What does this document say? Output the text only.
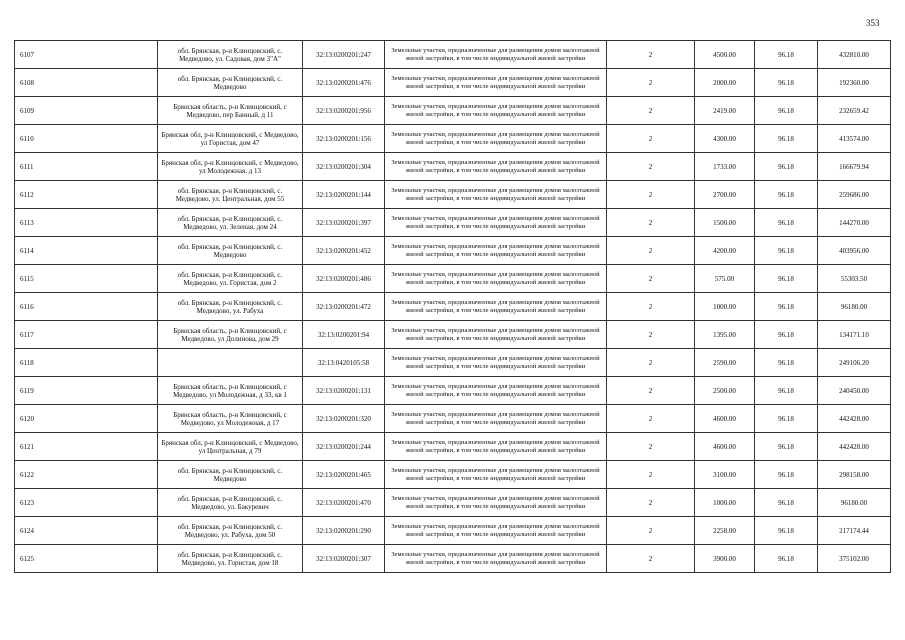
353
6107	обл. Брянская, р-н Клинцовский, с. Медведово, ул. Садовая, дом 3"А"	32:13:0200201:247	Земельные участки, предназначенные для размещения домов малоэтажной жилой застройки, в том числе индивидуальной жилой застройки	2	4500.00	96.18	432810.00
6108	обл. Брянская, р-н Клинцовский, с. Медведово	32:13:0200201:476	Земельные участки, предназначенные для размещения домов малоэтажной жилой застройки, в том числе индивидуальной жилой застройки	2	2000.00	96.18	192360.00
6109	Брянская область, р-н Клинцовский, с Медведово, пер Банный, д 11	32:13:0200201:956	Земельные участки, предназначенные для размещения домов малоэтажной жилой застройки, в том числе индивидуальной жилой застройки	2	2419.00	96.18	232659.42
6110	Брянская обл, р-н Клинцовский, с Медведово, ул Гористая, дом 47	32:13:0200201:156	Земельные участки, предназначенные для размещения домов малоэтажной жилой застройки, в том числе индивидуальной жилой застройки	2	4300.00	96.18	413574.00
6111	Брянская обл, р-н Клинцовский, с Медведово, ул Молодежная, д 13	32:13:0200201:304	Земельные участки, предназначенные для размещения домов малоэтажной жилой застройки, в том числе индивидуальной жилой застройки	2	1733.00	96.18	166679.94
6112	обл. Брянская, р-н Клинцовский, с. Медведово, ул. Центральная, дом 55	32:13:0200201:144	Земельные участки, предназначенные для размещения домов малоэтажной жилой застройки, в том числе индивидуальной жилой застройки	2	2700.00	96.18	259686.00
6113	обл. Брянская, р-н Клинцовский, с. Медведово, ул. Зеленая, дом 24	32:13:0200201:397	Земельные участки, предназначенные для размещения домов малоэтажной жилой застройки, в том числе индивидуальной жилой застройки	2	1500.00	96.18	144270.00
6114	обл. Брянская, р-н Клинцовский, с. Медведово	32:13:0200201:452	Земельные участки, предназначенные для размещения домов малоэтажной жилой застройки, в том числе индивидуальной жилой застройки	2	4200.00	96.18	403956.00
6115	обл. Брянская, р-н Клинцовский, с. Медведово, ул. Гористая, дом 2	32:13:0200201:486	Земельные участки, предназначенные для размещения домов малоэтажной жилой застройки, в том числе индивидуальной жилой застройки	2	575.00	96.18	55303.50
6116	обл. Брянская, р-н Клинцовский, с. Медведово, ул. Рабуха	32:13:0200201:472	Земельные участки, предназначенные для размещения домов малоэтажной жилой застройки, в том числе индивидуальной жилой застройки	2	1000.00	96.18	96180.00
6117	Брянская область, р-н Клинцовский, с Медведово, ул Долинова, дом 29	32:13:0200201:94	Земельные участки, предназначенные для размещения домов малоэтажной жилой застройки, в том числе индивидуальной жилой застройки	2	1395.00	96.18	134171.10
6118		32:13:0420105:58	Земельные участки, предназначенные для размещения домов малоэтажной жилой застройки, в том числе индивидуальной жилой застройки	2	2590.00	96.18	249106.20
6119	Брянская область, р-н Клинцовский, с Медведово, ул Молодежная, д 33, кв 1	32:13:0200201:131	Земельные участки, предназначенные для размещения домов малоэтажной жилой застройки, в том числе индивидуальной жилой застройки	2	2500.00	96.18	240450.00
6120	Брянская область, р-н Клинцовский, с Медведово, ул Молодежная, д 17	32:13:0200201:320	Земельные участки, предназначенные для размещения домов малоэтажной жилой застройки, в том числе индивидуальной жилой застройки	2	4600.00	96.18	442428.00
6121	Брянская обл, р-н Клинцовский, с Медведово, ул Центральная, д 79	32:13:0200201:244	Земельные участки, предназначенные для размещения домов малоэтажной жилой застройки, в том числе индивидуальной жилой застройки	2	4600.00	96.18	442428.00
6122	обл. Брянская, р-н Клинцовский, с. Медведово	32:13:0200201:465	Земельные участки, предназначенные для размещения домов малоэтажной жилой застройки, в том числе индивидуальной жилой застройки	2	3100.00	96.18	298158.00
6123	обл. Брянская, р-н Клинцовский, с. Медведово, ул. Бакуревич	32:13:0200201:470	Земельные участки, предназначенные для размещения домов малоэтажной жилой застройки, в том числе индивидуальной жилой застройки	2	1000.00	96.18	96180.00
6124	обл. Брянская, р-н Клинцовский, с. Медведово, ул. Рабуха, дом 50	32:13:0200201:290	Земельные участки, предназначенные для размещения домов малоэтажной жилой застройки, в том числе индивидуальной жилой застройки	2	2258.00	96.18	217174.44
6125	обл. Брянская, р-н Клинцовский, с. Медведово, ул. Гористая, дом 18	32:13:0200201:307	Земельные участки, предназначенные для размещения домов малоэтажной жилой застройки, в том числе индивидуальной жилой застройки	2	3900.00	96.18	375102.00
